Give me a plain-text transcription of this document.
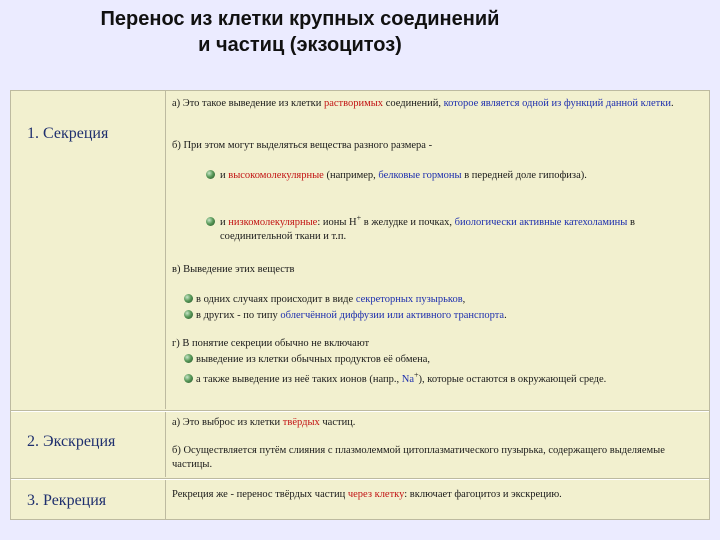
Перенос из клетки крупных соединений
и частиц (экзоцитоз)
1. Секреция
а) Это такое выведение из клетки растворимых соединений, которое является одной из функций данной клетки.
б) При этом могут выделяться вещества разного размера -
и высокомолекулярные (например, белковые гормоны в передней доле гипофиза).
и низкомолекулярные: ионы Н+ в желудке и почках, биологически активные катехоламины в соединительной ткани и т.п.
в) Выведение этих веществ
в одних случаях происходит в виде секреторных пузырьков,
в других - по типу облегчённой диффузии или активного транспорта.
г) В понятие секреции обычно не включают
выведение из клетки обычных продуктов её обмена,
а также выведение из неё таких ионов (напр., Na+), которые остаются в окружающей среде.
2. Экскреция
а) Это выброс из клетки твёрдых частиц.
б) Осуществляется путём слияния с плазмолеммой цитоплазматического пузырька, содержащего выделяемые частицы.
3. Рекреция	Рекреция же - перенос твёрдых частиц через клетку: включает фагоцитоз и экскрецию.
